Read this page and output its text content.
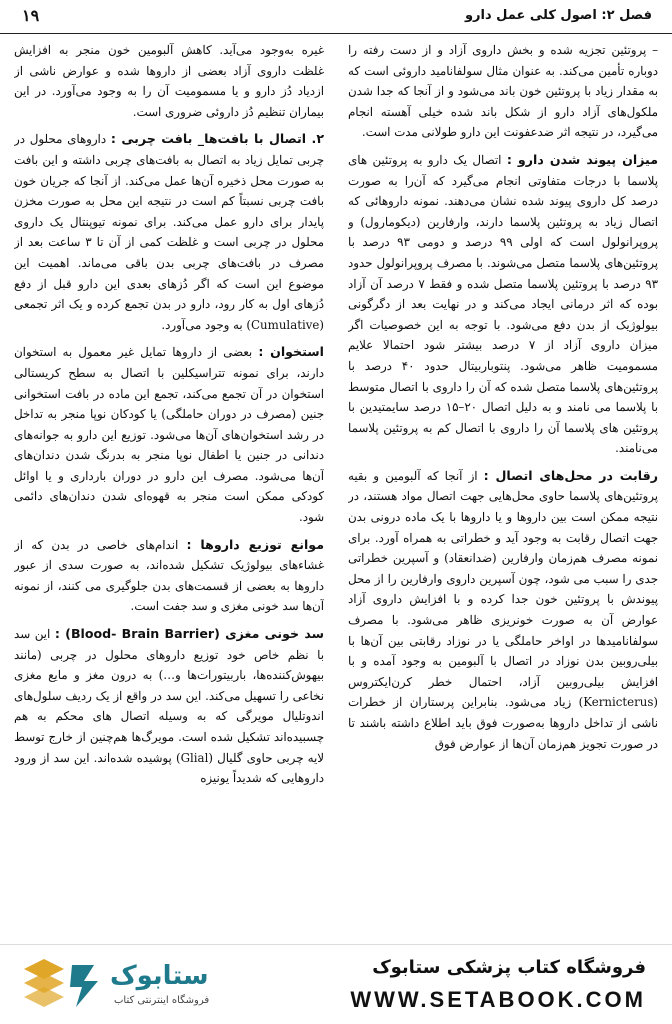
فصل ۲: اصول کلی عمل دارو
۱۹

– پروتئین تجزیه شده و بخش داروی آزاد و از دست رفته را دوباره تأمین می‌کند. به عنوان مثال سولفانامید داروئی است که به مقدار زیاد با پروتئین خون باند می‌شود و از آنجا که جدا شدن ملکول‌های آزاد دارو از شکل باند شده خیلی آهسته انجام می‌گیرد، در نتیجه اثر ضدعفونت این دارو طولانی مدت است.

میزان پیوند شدن دارو : اتصال یک دارو به پروتئین های پلاسما با درجات متفاوتی انجام می‌گیرد که آن‌را به صورت درصد کل داروی پیوند شده نشان می‌دهند. نمونه داروهائی که اتصال زیاد به پروتئین پلاسما دارند، وارفارین (دیکومارول) و پروپرانولول است که اولی ۹۹ درصد و دومی ۹۳ درصد با پروتئین‌های پلاسما متصل می‌شوند. با مصرف پروپرانولول حدود ۹۳ درصد با پروتئین پلاسما متصل شده و فقط ۷ درصد آن آزاد بوده که اثر درمانی ایجاد می‌کند و در نهایت بعد از دگرگونی بیولوژیک از بدن دفع می‌شود. با توجه به این خصوصیات اگر میزان داروی آزاد از ۷ درصد بیشتر شود احتمالا علایم مسمومیت ظاهر می‌شود. پنتوباربیتال حدود ۴۰ درصد با پروتئین‌های پلاسما متصل شده که آن را داروی با اتصال متوسط با پلاسما می نامند و به دلیل اتصال ۲۰–۱۵ درصد سایمتیدین با پروتئین های پلاسما آن را داروی با اتصال کم به پروتئین پلاسما می‌نامند.

رقابت در محل‌های اتصال : از آنجا که آلبومین و بقیه پروتئین‌های پلاسما حاوی محل‌هایی جهت اتصال مواد هستند، در نتیجه ممکن است بین داروها و یا داروها با یک ماده درونی بدن جهت اتصال رقابت به وجود آید و خطراتی به همراه آورد. برای نمونه مصرف هم‌زمان وارفارین (ضدانعقاد) و آسپرین خطراتی جدی را سبب می شود، چون آسپرین داروی وارفارین را از محل پیوندش با پروتئین خون جدا کرده و با افزایش داروی آزاد عوارض آن به صورت خونریزی ظاهر می‌شود. با مصرف سولفانامیدها در اواخر حاملگی یا در نوزاد رقابتی بین آن‌ها با بیلی‌روبین بدن نوزاد در اتصال با آلبومین به وجود آمده و با افزایش بیلی‌روبین آزاد، احتمال خطر کرن‌ایکتروس (Kernicterus) زیاد می‌شود. بنابراین پرستاران از خطرات ناشی از تداخل داروها به‌صورت فوق باید اطلاع داشته باشند تا در صورت تجویز هم‌زمان آن‌ها از عوارض فوق

غیره به‌وجود می‌آید. کاهش آلبومین خون منجر به افزایش غلظت داروی آزاد بعضی از داروها شده و عوارض ناشی از ازدیاد دُز دارو و یا مسمومیت آن را به وجود می‌آورد. در این بیماران تنظیم دُز داروئی ضروری است.

۲. اتصال با بافت‌ها_ بافت چربی : داروهای محلول در چربی تمایل زیاد به اتصال به بافت‌های چربی داشته و این بافت به صورت محل ذخیره آن‌ها عمل می‌کند. از آنجا که جریان خون بافت چربی نسبتاً کم است در نتیجه این محل به صورت مخزن پایدار برای دارو عمل می‌کند. برای نمونه تیوپنتال یک داروی محلول در چربی است و غلظت کمی از آن تا ۳ ساعت بعد از مصرف در بافت‌های چربی بدن باقی می‌ماند. اهمیت این موضوع این است که اگر دُزهای بعدی این دارو قبل از دفع دُزهای اول به کار رود، دارو در بدن تجمع کرده و یک اثر تجمعی (Cumulative) به وجود می‌آورد.

استخوان : بعضی از داروها تمایل غیر معمول به استخوان دارند، برای نمونه تتراسیکلین با اتصال به سطح کریستالی استخوان در آن تجمع می‌کند، تجمع این ماده در بافت استخوانی جنین (مصرف در دوران حاملگی) یا کودکان نوپا منجر به تداخل در رشد استخوان‌های آن‌ها می‌شود. توزیع این دارو به جوانه‌های دندانی در جنین یا اطفال نوپا منجر به بدرنگ شدن دندان‌های آن‌ها می‌شود. مصرف این دارو در دوران بارداری و یا اوائل کودکی ممکن است منجر به قهوه‌ای شدن دندان‌های دائمی شود.

موانع توزیع داروها : اندام‌های خاصی در بدن که از غشاءهای بیولوژیک تشکیل شده‌اند، به صورت سدی از عبور داروها به بعضی از قسمت‌های بدن جلوگیری می کنند، از نمونه آن‌ها سد خونی مغزی و سد جفت است.

سد خونی مغزی (Blood- Brain Barrier) : این سد با نظم خاص خود توزیع داروهای محلول در چربی (مانند بیهوش‌کننده‌ها، باربیتورات‌ها و…) به درون مغز و مایع مغزی نخاعی را تسهیل می‌کند. این سد در واقع از یک ردیف سلول‌های اندوتلیال مویرگی که به وسیله اتصال های محکم به هم چسبیده‌اند تشکیل شده است. مویرگ‌ها هم‌چنین از خارج توسط لایه چربی حاوی گلیال (Glial) پوشیده شده‌اند. این سد از ورود داروهایی که شدیداً یونیزه

فروشگاه کتاب پزشکی ستابوک
WWW.SETABOOK.COM
ستابوک
فروشگاه اینترنتی کتاب
